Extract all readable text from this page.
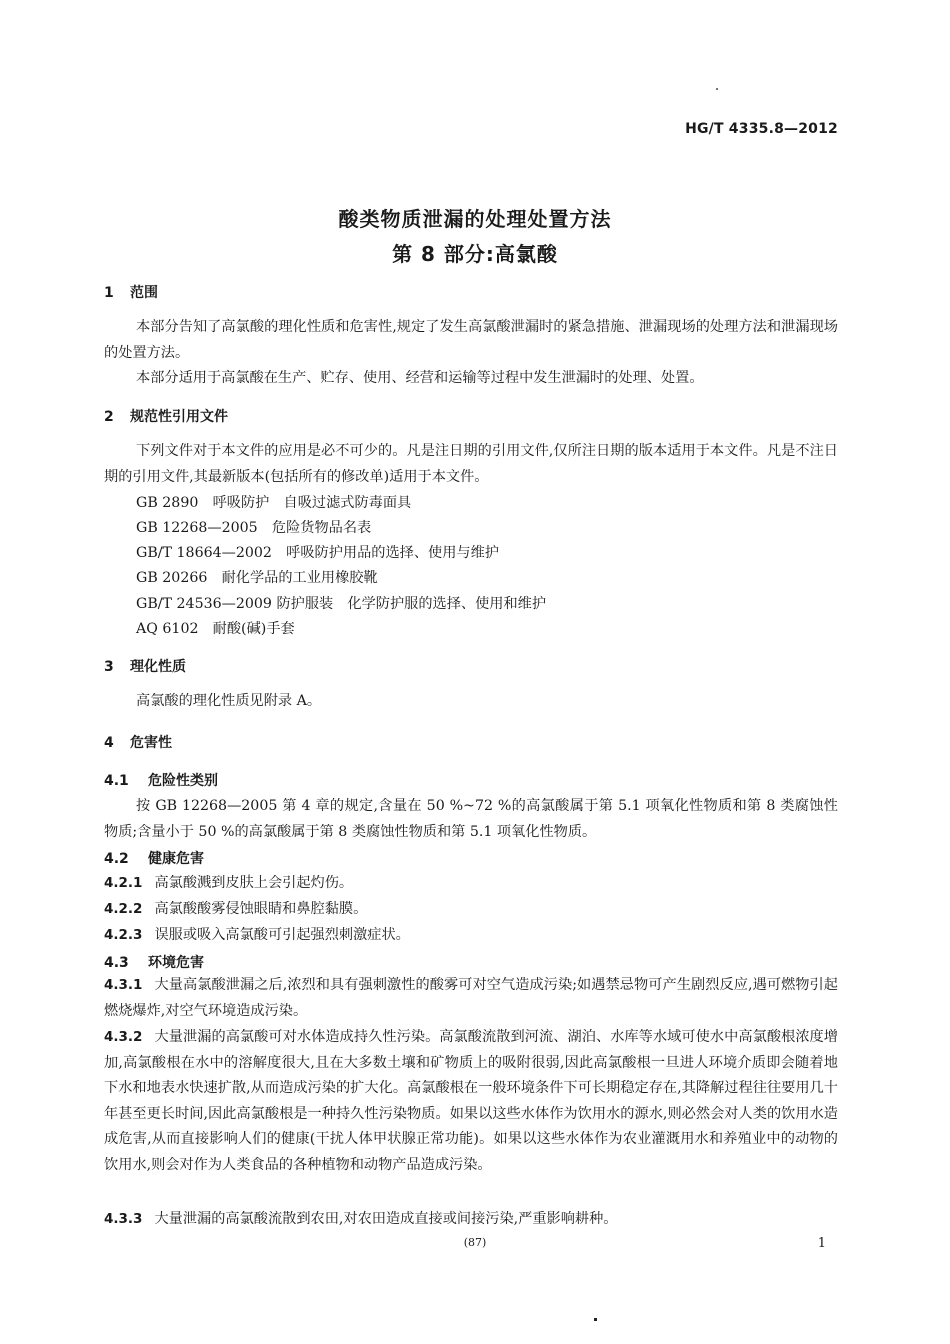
HG/T 4335.8—2012
酸类物质泄漏的处理处置方法
第 8 部分:高氯酸
1 范围
本部分告知了高氯酸的理化性质和危害性,规定了发生高氯酸泄漏时的紧急措施、泄漏现场的处理方法和泄漏现场的处置方法。
本部分适用于高氯酸在生产、贮存、使用、经营和运输等过程中发生泄漏时的处理、处置。
2 规范性引用文件
下列文件对于本文件的应用是必不可少的。凡是注日期的引用文件,仅所注日期的版本适用于本文件。凡是不注日期的引用文件,其最新版本(包括所有的修改单)适用于本文件。
GB 2890　呼吸防护　自吸过滤式防毒面具
GB 12268—2005　危险货物品名表
GB/T 18664—2002　呼吸防护用品的选择、使用与维护
GB 20266　耐化学品的工业用橡胶靴
GB/T 24536—2009 防护服装　化学防护服的选择、使用和维护
AQ 6102　耐酸(碱)手套
3 理化性质
高氯酸的理化性质见附录 A。
4 危害性
4.1 危险性类别
按 GB 12268—2005 第 4 章的规定,含量在 50 %~72 %的高氯酸属于第 5.1 项氧化性物质和第 8 类腐蚀性物质;含量小于 50 %的高氯酸属于第 8 类腐蚀性物质和第 5.1 项氧化性物质。
4.2 健康危害
4.2.1 高氯酸溅到皮肤上会引起灼伤。
4.2.2 高氯酸酸雾侵蚀眼睛和鼻腔黏膜。
4.2.3 误服或吸入高氯酸可引起强烈刺激症状。
4.3 环境危害
4.3.1 大量高氯酸泄漏之后,浓烈和具有强刺激性的酸雾可对空气造成污染;如遇禁忌物可产生剧烈反应,遇可燃物引起燃烧爆炸,对空气环境造成污染。
4.3.2 大量泄漏的高氯酸可对水体造成持久性污染。高氯酸流散到河流、湖泊、水库等水域可使水中高氯酸根浓度增加,高氯酸根在水中的溶解度很大,且在大多数土壤和矿物质上的吸附很弱,因此高氯酸根一旦进人环境介质即会随着地下水和地表水快速扩散,从而造成污染的扩大化。高氯酸根在一般环境条件下可长期稳定存在,其降解过程往往要用几十年甚至更长时间,因此高氯酸根是一种持久性污染物质。如果以这些水体作为饮用水的源水,则必然会对人类的饮用水造成危害,从而直接影响人们的健康(干扰人体甲状腺正常功能)。如果以这些水体作为农业灌溉用水和养殖业中的动物的饮用水,则会对作为人类食品的各种植物和动物产品造成污染。
4.3.3 大量泄漏的高氯酸流散到农田,对农田造成直接或间接污染,严重影响耕种。
(87)	1
